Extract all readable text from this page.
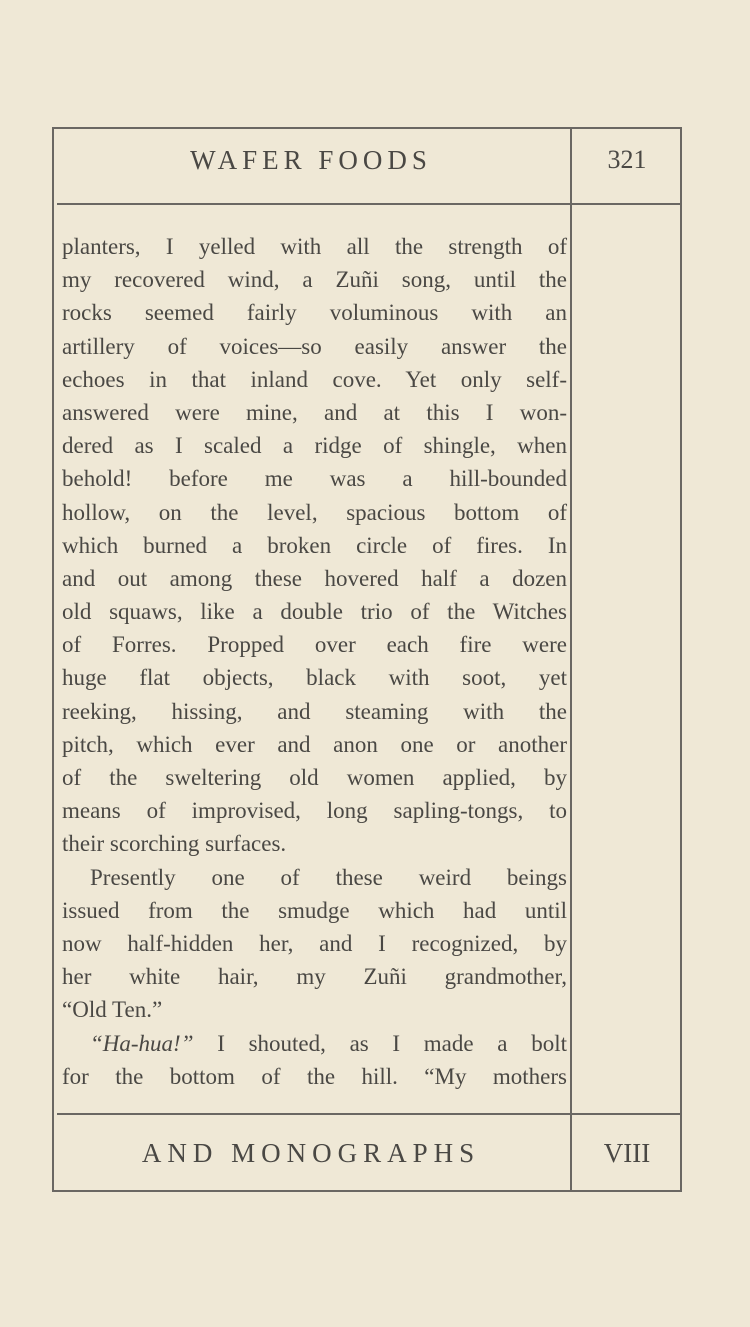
WAFER FOODS	321
planters, I yelled with all the strength of
my recovered wind, a Zuñi song, until the
rocks seemed fairly voluminous with an
artillery of voices—so easily answer the
echoes in that inland cove. Yet only self-
answered were mine, and at this I won-
dered as I scaled a ridge of shingle, when
behold! before me was a hill-bounded
hollow, on the level, spacious bottom of
which burned a broken circle of fires. In
and out among these hovered half a dozen
old squaws, like a double trio of the Witches
of Forres. Propped over each fire were
huge flat objects, black with soot, yet
reeking, hissing, and steaming with the
pitch, which ever and anon one or another
of the sweltering old women applied, by
means of improvised, long sapling-tongs, to
their scorching surfaces.
Presently one of these weird beings
issued from the smudge which had until
now half-hidden her, and I recognized, by
her white hair, my Zuñi grandmother,
“Old Ten.”
“Ha-hua!” I shouted, as I made a bolt
for the bottom of the hill. “My mothers
AND MONOGRAPHS	VIII
